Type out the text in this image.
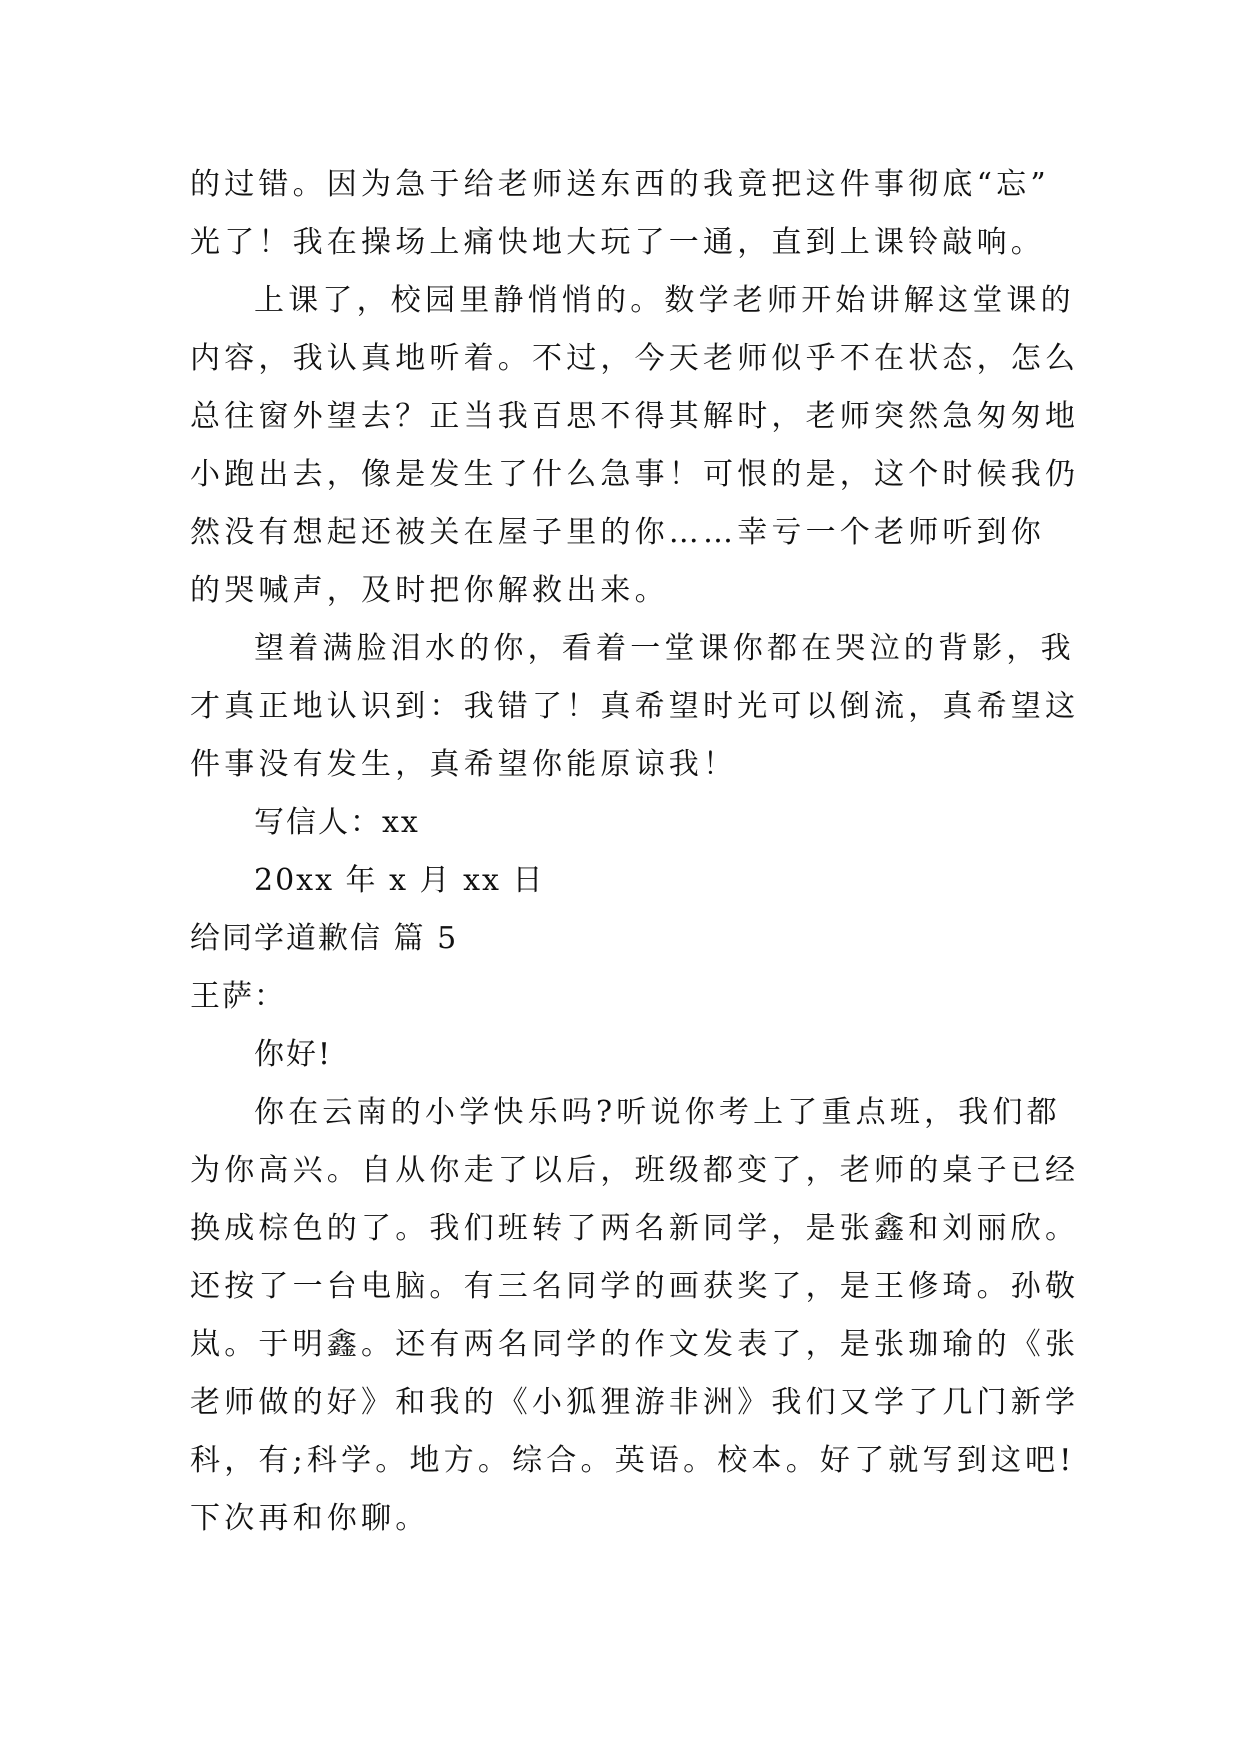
的过错。因为急于给老师送东西的我竟把这件事彻底“忘”
光了！我在操场上痛快地大玩了一通，直到上课铃敲响。
上课了，校园里静悄悄的。数学老师开始讲解这堂课的
内容，我认真地听着。不过，今天老师似乎不在状态，怎么
总往窗外望去？正当我百思不得其解时，老师突然急匆匆地
小跑出去，像是发生了什么急事！可恨的是，这个时候我仍
然没有想起还被关在屋子里的你……幸亏一个老师听到你
的哭喊声，及时把你解救出来。
望着满脸泪水的你，看着一堂课你都在哭泣的背影，我
才真正地认识到：我错了！真希望时光可以倒流，真希望这
件事没有发生，真希望你能原谅我！
写信人：xx
20xx 年 x 月 xx 日
给同学道歉信 篇 5
王萨：
你好!
你在云南的小学快乐吗?听说你考上了重点班，我们都
为你高兴。自从你走了以后，班级都变了，老师的桌子已经
换成棕色的了。我们班转了两名新同学，是张鑫和刘丽欣。
还按了一台电脑。有三名同学的画获奖了，是王修琦。孙敬
岚。于明鑫。还有两名同学的作文发表了，是张珈瑜的《张
老师做的好》和我的《小狐狸游非洲》我们又学了几门新学
科，有;科学。地方。综合。英语。校本。好了就写到这吧!
下次再和你聊。
